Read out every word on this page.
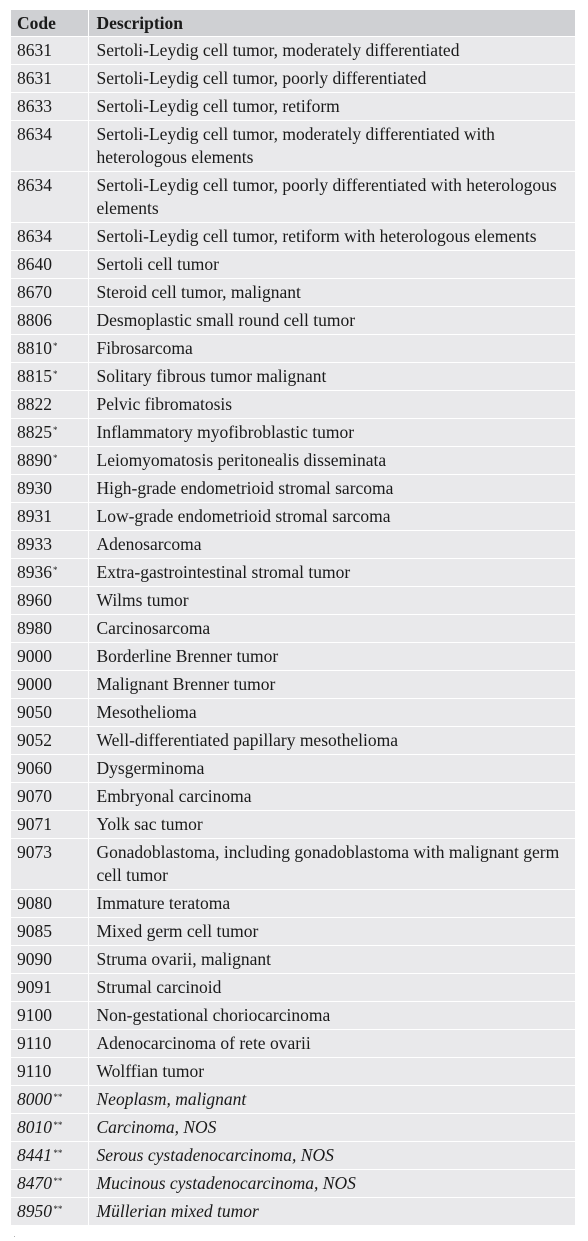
Code	Description
8631	Sertoli-Leydig cell tumor, moderately differentiated
8631	Sertoli-Leydig cell tumor, poorly differentiated
8633	Sertoli-Leydig cell tumor, retiform
8634	Sertoli-Leydig cell tumor, moderately differentiated with heterologous elements
8634	Sertoli-Leydig cell tumor, poorly differentiated with heterologous elements
8634	Sertoli-Leydig cell tumor, retiform with heterologous elements
8640	Sertoli cell tumor
8670	Steroid cell tumor, malignant
8806	Desmoplastic small round cell tumor
8810*	Fibrosarcoma
8815*	Solitary fibrous tumor malignant
8822	Pelvic fibromatosis
8825*	Inflammatory myofibroblastic tumor
8890*	Leiomyomatosis peritonealis disseminata
8930	High-grade endometrioid stromal sarcoma
8931	Low-grade endometrioid stromal sarcoma
8933	Adenosarcoma
8936*	Extra-gastrointestinal stromal tumor
8960	Wilms tumor
8980	Carcinosarcoma
9000	Borderline Brenner tumor
9000	Malignant Brenner tumor
9050	Mesothelioma
9052	Well-differentiated papillary mesothelioma
9060	Dysgerminoma
9070	Embryonal carcinoma
9071	Yolk sac tumor
9073	Gonadoblastoma, including gonadoblastoma with malignant germ cell tumor
9080	Immature teratoma
9085	Mixed germ cell tumor
9090	Struma ovarii, malignant
9091	Strumal carcinoid
9100	Non-gestational choriocarcinoma
9110	Adenocarcinoma of rete ovarii
9110	Wolffian tumor
8000**	Neoplasm, malignant
8010**	Carcinoma, NOS
8441**	Serous cystadenocarcinoma, NOS
8470**	Mucinous cystadenocarcinoma, NOS
8950**	Müllerian mixed tumor
